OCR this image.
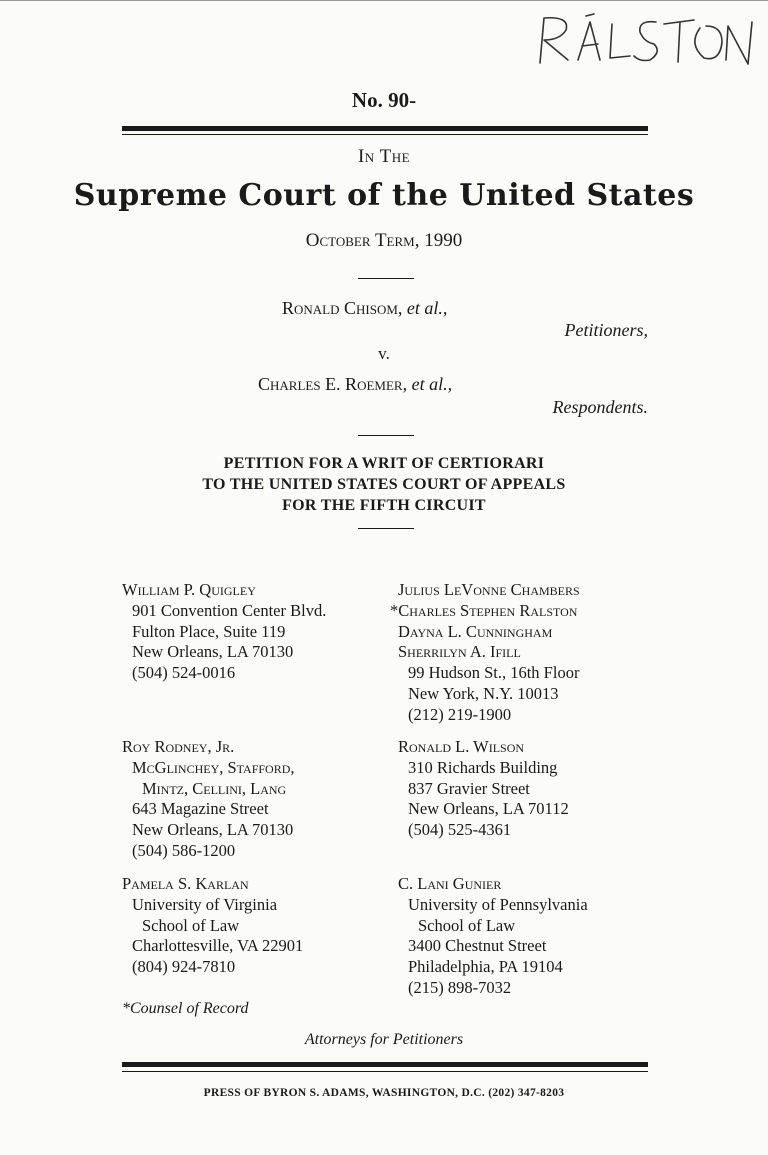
No. 90-
In The
Supreme Court of the United States
October Term, 1990
Ronald Chisom, et al.,
Petitioners,
v.
Charles E. Roemer, et al.,
Respondents.
PETITION FOR A WRIT OF CERTIORARI
TO THE UNITED STATES COURT OF APPEALS
FOR THE FIFTH CIRCUIT
William P. Quigley
901 Convention Center Blvd.
Fulton Place, Suite 119
New Orleans, LA 70130
(504) 524-0016
Roy Rodney, Jr.
McGlinchey, Stafford,
Mintz, Cellini, Lang
643 Magazine Street
New Orleans, LA 70130
(504) 586-1200
Pamela S. Karlan
University of Virginia
School of Law
Charlottesville, VA 22901
(804) 924-7810
Julius LeVonne Chambers
*Charles Stephen Ralston
Dayna L. Cunningham
Sherrilyn A. Ifill
99 Hudson St., 16th Floor
New York, N.Y. 10013
(212) 219-1900
Ronald L. Wilson
310 Richards Building
837 Gravier Street
New Orleans, LA 70112
(504) 525-4361
C. Lani Gunier
University of Pennsylvania
School of Law
3400 Chestnut Street
Philadelphia, PA 19104
(215) 898-7032
*Counsel of Record
Attorneys for Petitioners
PRESS OF BYRON S. ADAMS, WASHINGTON, D.C. (202) 347-8203
